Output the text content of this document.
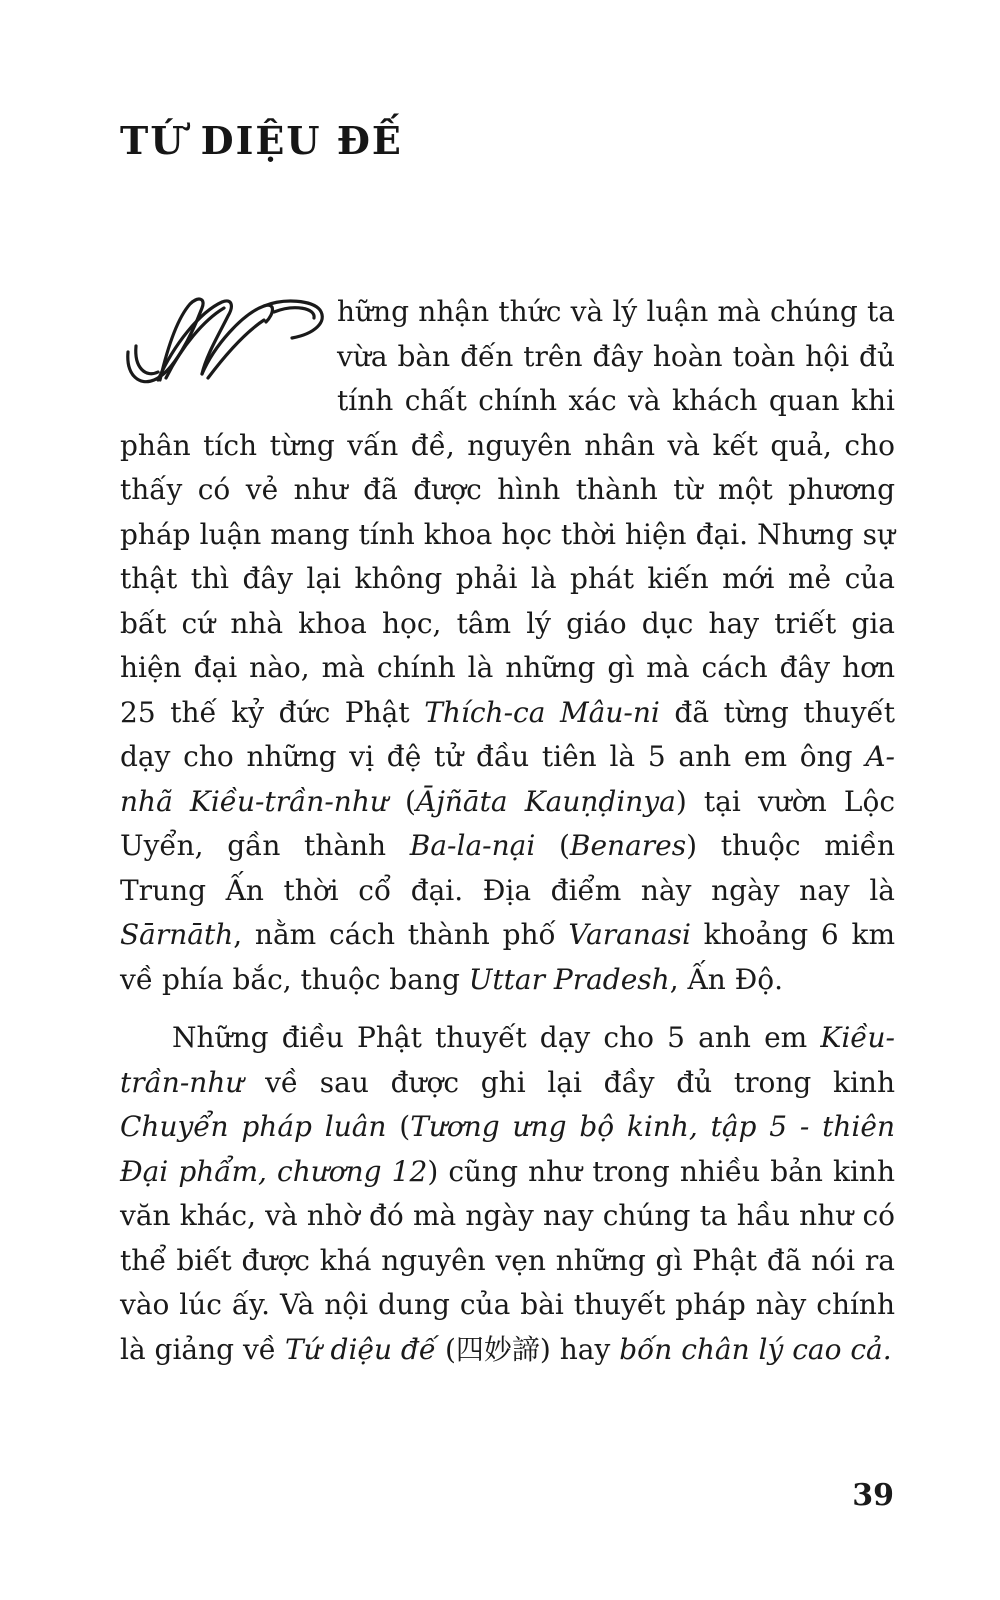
TỨ DIỆU ĐẾ

hững nhận thức và lý luận mà chúng ta vừa bàn đến trên đây hoàn toàn hội đủ tính chất chính xác và khách quan khi phân tích từng vấn đề, nguyên nhân và kết quả, cho thấy có vẻ như đã được hình thành từ một phương pháp luận mang tính khoa học thời hiện đại. Nhưng sự thật thì đây lại không phải là phát kiến mới mẻ của bất cứ nhà khoa học, tâm lý giáo dục hay triết gia hiện đại nào, mà chính là những gì mà cách đây hơn 25 thế kỷ đức Phật Thích-ca Mâu-ni đã từng thuyết dạy cho những vị đệ tử đầu tiên là 5 anh em ông A-nhã Kiều-trần-như (Ājñāta Kauṇḍinya) tại vườn Lộc Uyển, gần thành Ba-la-nại (Benares) thuộc miền Trung Ấn thời cổ đại. Địa điểm này ngày nay là Sārnāth, nằm cách thành phố Varanasi khoảng 6 km về phía bắc, thuộc bang Uttar Pradesh, Ấn Độ.

Những điều Phật thuyết dạy cho 5 anh em Kiều-trần-như về sau được ghi lại đầy đủ trong kinh Chuyển pháp luân (Tương ưng bộ kinh, tập 5 - thiên Đại phẩm, chương 12) cũng như trong nhiều bản kinh văn khác, và nhờ đó mà ngày nay chúng ta hầu như có thể biết được khá nguyên vẹn những gì Phật đã nói ra vào lúc ấy. Và nội dung của bài thuyết pháp này chính là giảng về Tứ diệu đế (四妙諦) hay bốn chân lý cao cả.

39
